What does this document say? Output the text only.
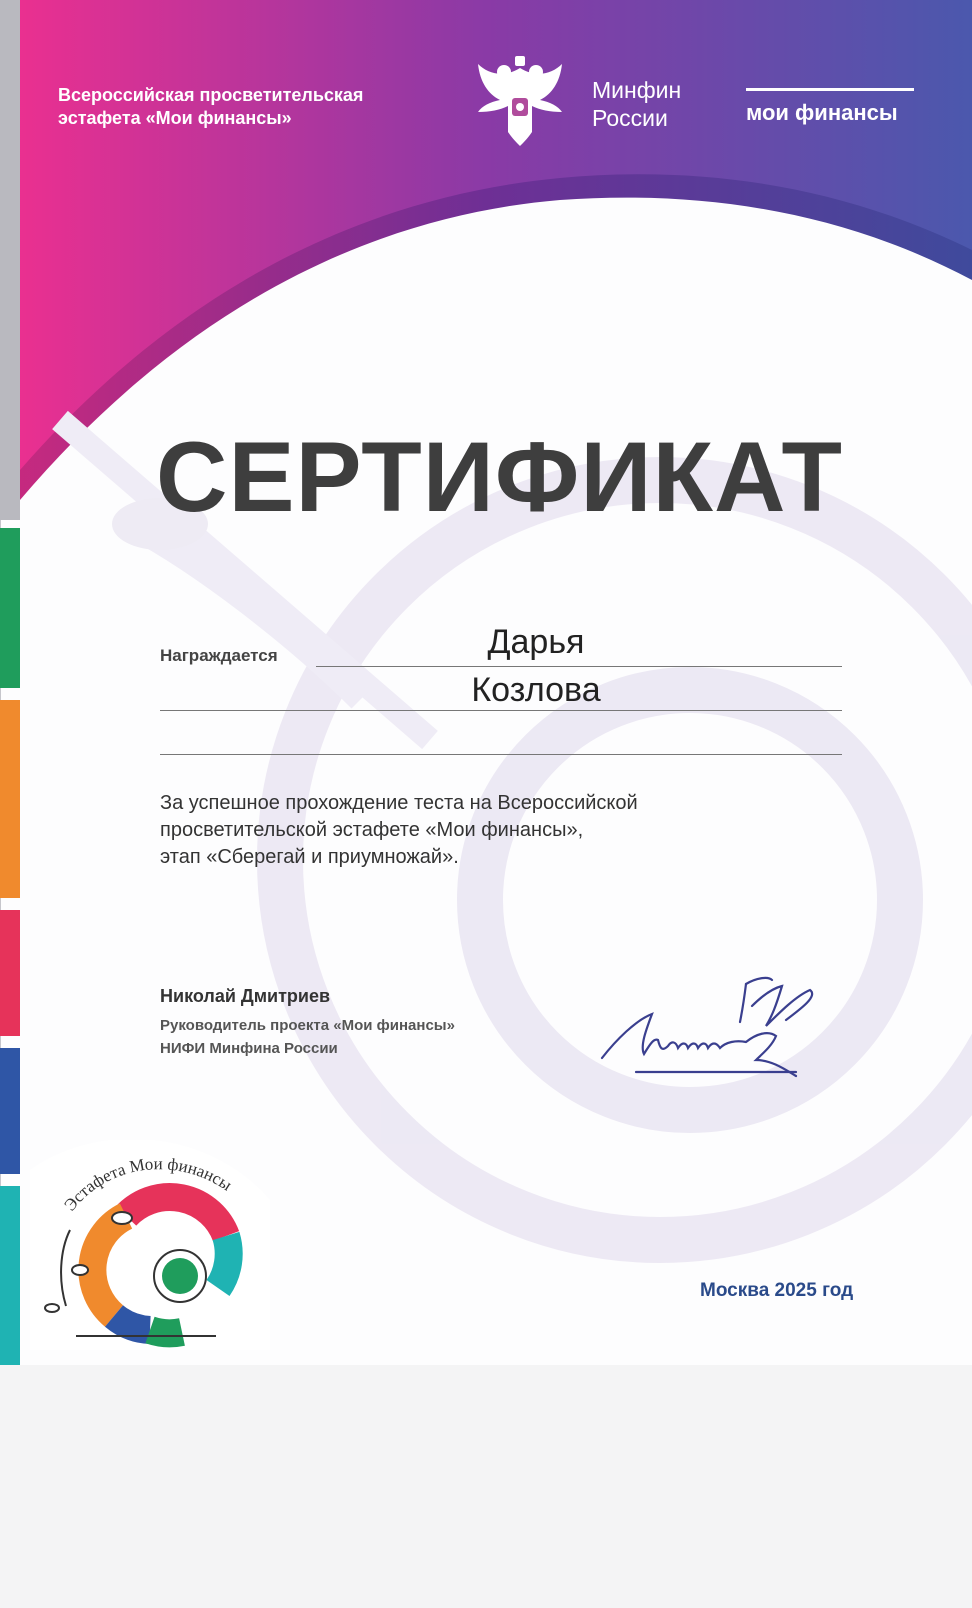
Всероссийская просветительская
эстафета «Мои финансы»
Минфин
России	мои финансы
СЕРТИФИКАТ
Награждается	Дарья
Козлова
За успешное прохождение теста на Всероссийской
просветительской эстафете «Мои финансы»,
этап «Сберегай и приумножай».
Николай Дмитриев
Руководитель проекта «Мои финансы»
НИФИ Минфина России
Эстафета Мои финансы
Москва 2025 год
